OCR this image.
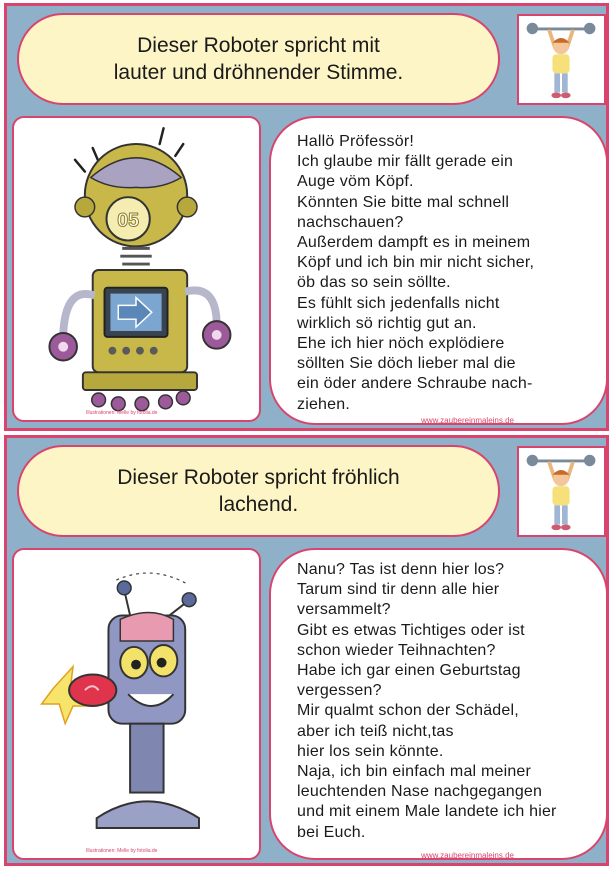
Dieser Roboter spricht mit
lauter und dröhnender Stimme.
05
Illustrationen: Melle by fotolia.de
Hallö Pröfessör!
Ich glaube mir fällt gerade ein
Auge vöm Köpf.
Könnten Sie bitte mal schnell
nachschauen?
Außerdem dampft es in meinem
Köpf und ich bin mir nicht sicher,
öb das so sein söllte.
Es fühlt sich jedenfalls nicht
wirklich sö richtig gut an.
Ehe ich hier nöch explödiere
söllten Sie döch lieber mal die
ein öder andere Schraube nach-
ziehen.
www.zaubereinmaleins.de
Dieser Roboter spricht fröhlich
lachend.
Illustrationen: Melle by fotolia.de
Nanu? Tas ist denn hier los?
Tarum sind tir denn alle hier
versammelt?
Gibt es etwas Tichtiges oder ist
schon wieder Teihnachten?
Habe ich gar einen Geburtstag
vergessen?
Mir qualmt schon der Schädel,
aber ich teiß nicht,tas
hier los sein könnte.
Naja, ich bin einfach mal meiner
leuchtenden Nase nachgegangen
und mit einem Male landete ich hier
bei Euch.
www.zaubereinmaleins.de
